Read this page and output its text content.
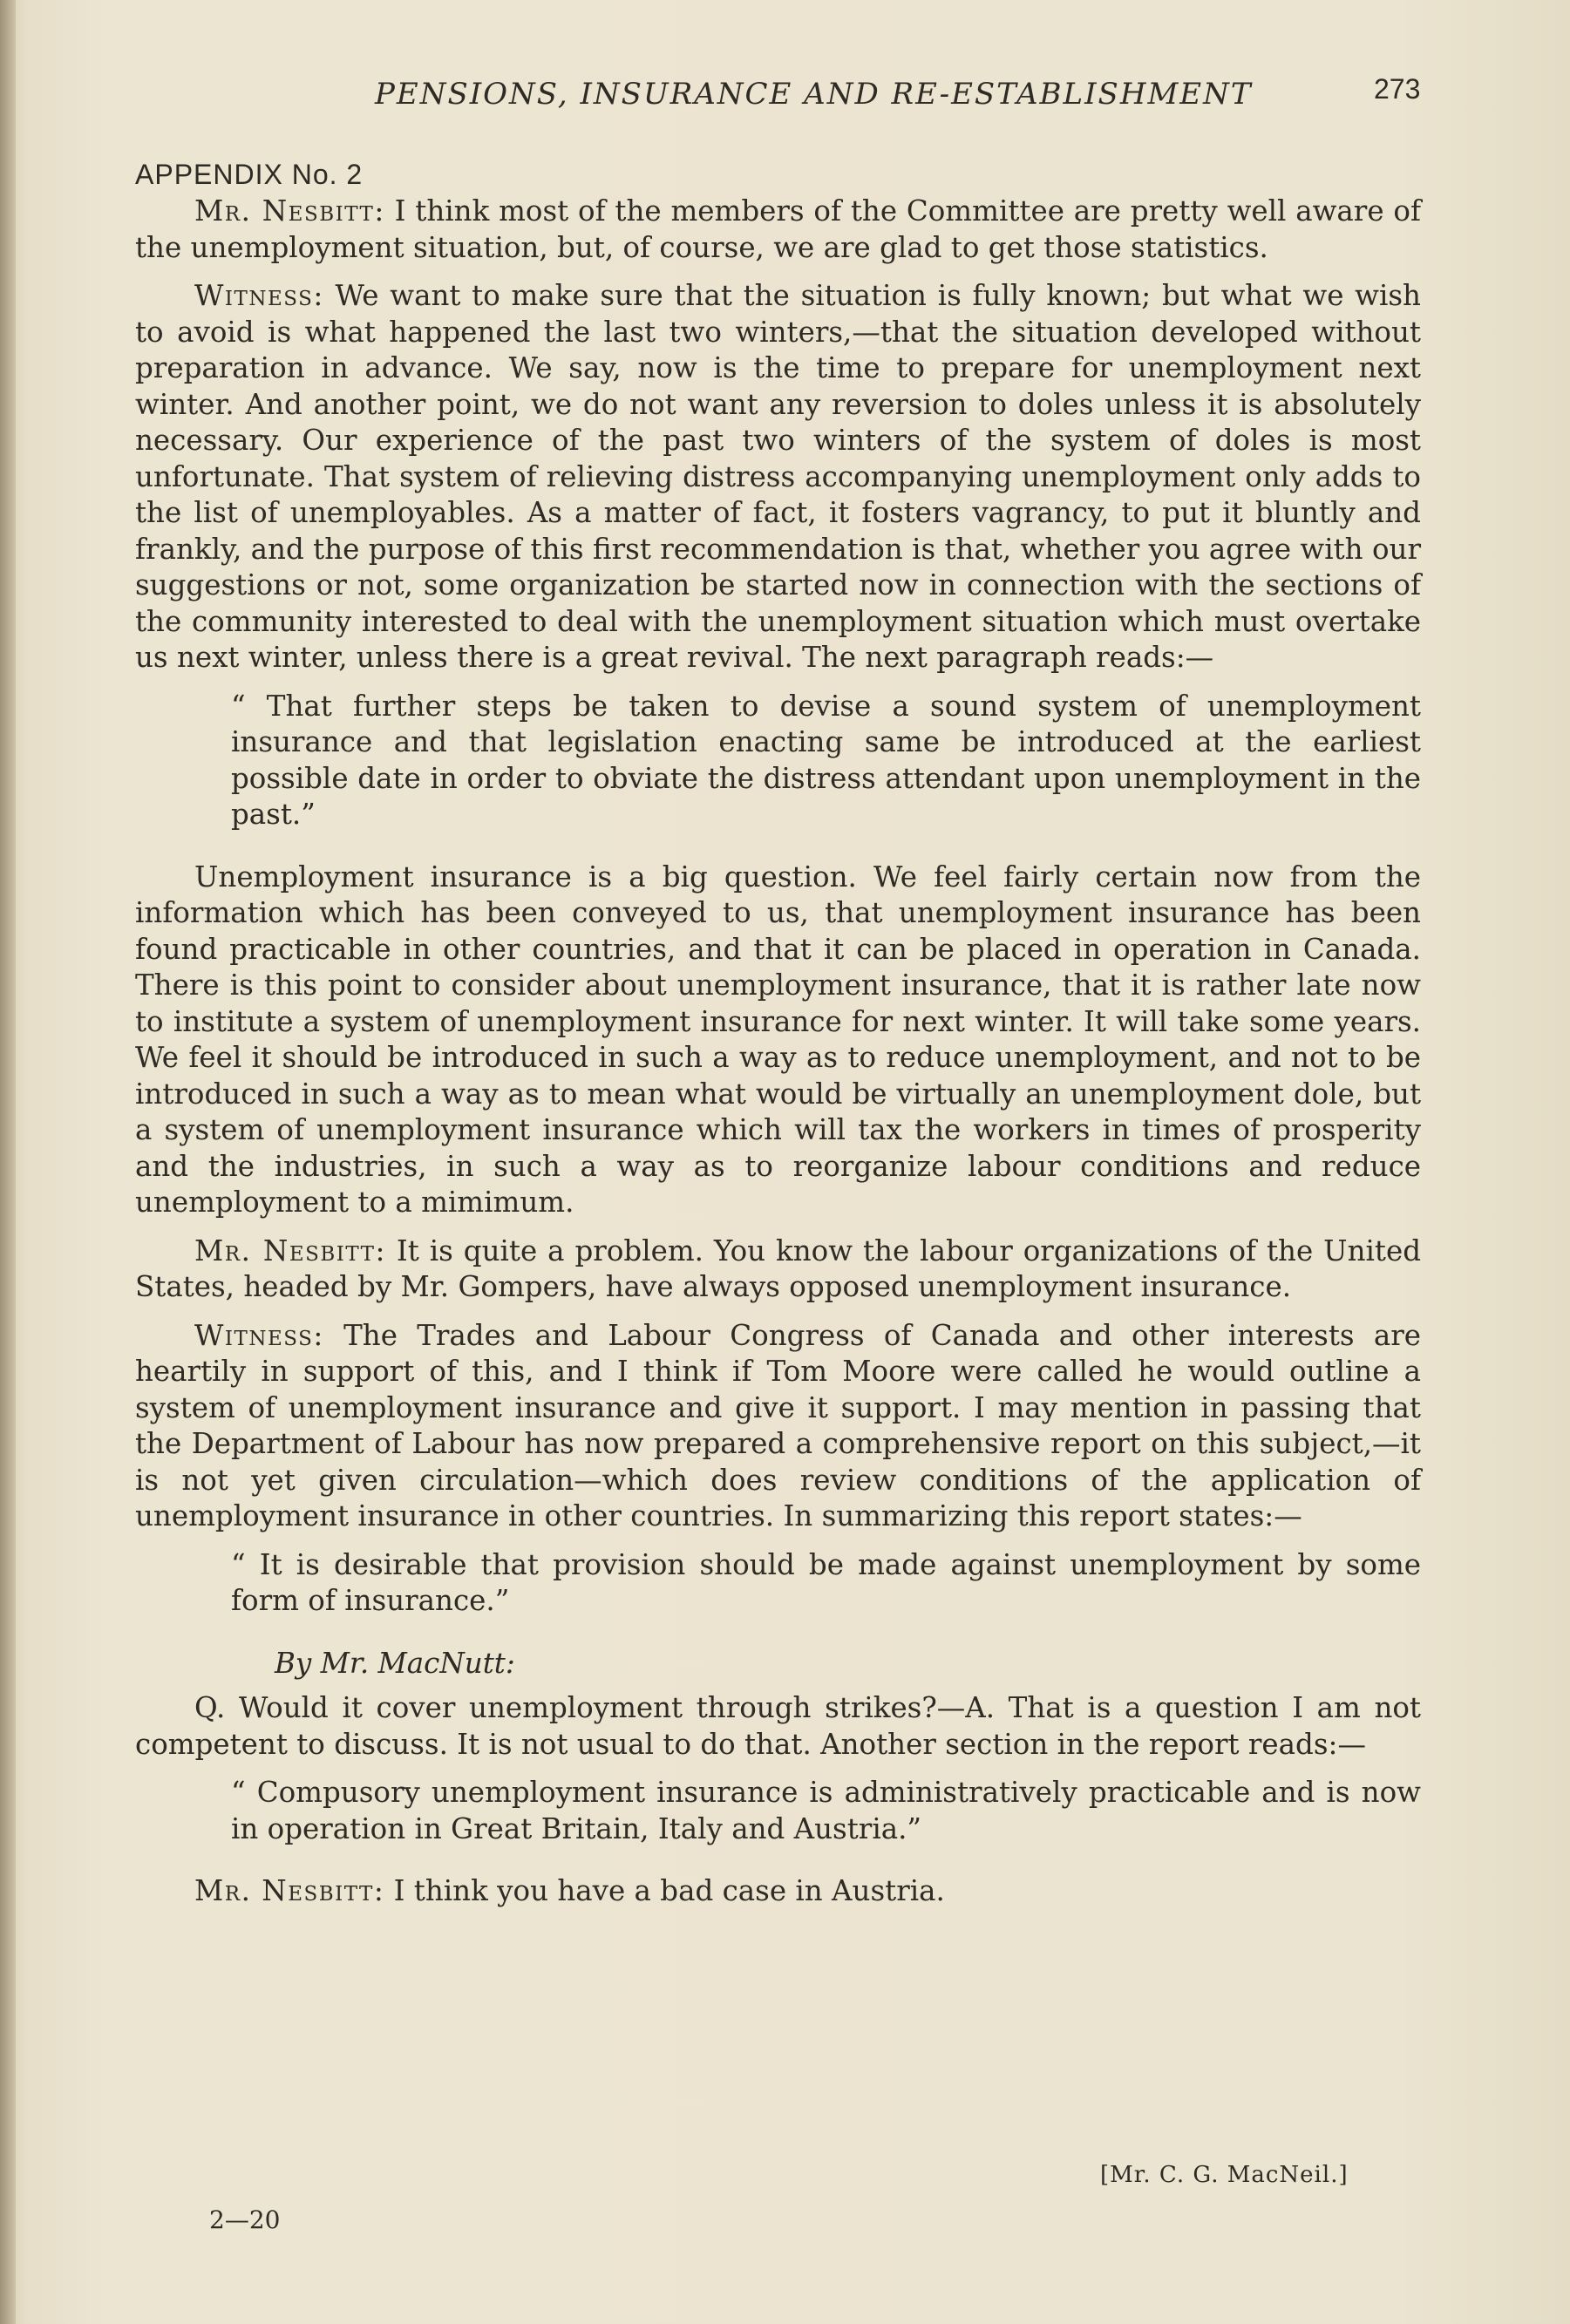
PENSIONS, INSURANCE AND RE-ESTABLISHMENT	273
APPENDIX No. 2

Mr. Nesbitt: I think most of the members of the Committee are pretty well aware of the unemployment situation, but, of course, we are glad to get those statistics.

Witness: We want to make sure that the situation is fully known; but what we wish to avoid is what happened the last two winters,—that the situation developed without preparation in advance. We say, now is the time to prepare for unemployment next winter. And another point, we do not want any reversion to doles unless it is absolutely necessary. Our experience of the past two winters of the system of doles is most unfortunate. That system of relieving distress accompanying unemployment only adds to the list of unemployables. As a matter of fact, it fosters vagrancy, to put it bluntly and frankly, and the purpose of this first recommendation is that, whether you agree with our suggestions or not, some organization be started now in connection with the sections of the community interested to deal with the unemployment situation which must overtake us next winter, unless there is a great revival. The next paragraph reads:—

“ That further steps be taken to devise a sound system of unemployment insurance and that legislation enacting same be introduced at the earliest possible date in order to obviate the distress attendant upon unemployment in the past.”

Unemployment insurance is a big question. We feel fairly certain now from the information which has been conveyed to us, that unemployment insurance has been found practicable in other countries, and that it can be placed in operation in Canada. There is this point to consider about unemployment insurance, that it is rather late now to institute a system of unemployment insurance for next winter. It will take some years. We feel it should be introduced in such a way as to reduce unemployment, and not to be introduced in such a way as to mean what would be virtually an unemployment dole, but a system of unemployment insurance which will tax the workers in times of prosperity and the industries, in such a way as to reorganize labour conditions and reduce unemployment to a mimimum.

Mr. Nesbitt: It is quite a problem. You know the labour organizations of the United States, headed by Mr. Gompers, have always opposed unemployment insurance.

Witness: The Trades and Labour Congress of Canada and other interests are heartily in support of this, and I think if Tom Moore were called he would outline a system of unemployment insurance and give it support. I may mention in passing that the Department of Labour has now prepared a comprehensive report on this subject,—it is not yet given circulation—which does review conditions of the application of unemployment insurance in other countries. In summarizing this report states:—

“ It is desirable that provision should be made against unemployment by some form of insurance.”

By Mr. MacNutt:

Q. Would it cover unemployment through strikes?—A. That is a question I am not competent to discuss. It is not usual to do that. Another section in the report reads:—

“ Compusory unemployment insurance is administratively practicable and is now in operation in Great Britain, Italy and Austria.”

Mr. Nesbitt: I think you have a bad case in Austria.

[Mr. C. G. MacNeil.]
2—20
